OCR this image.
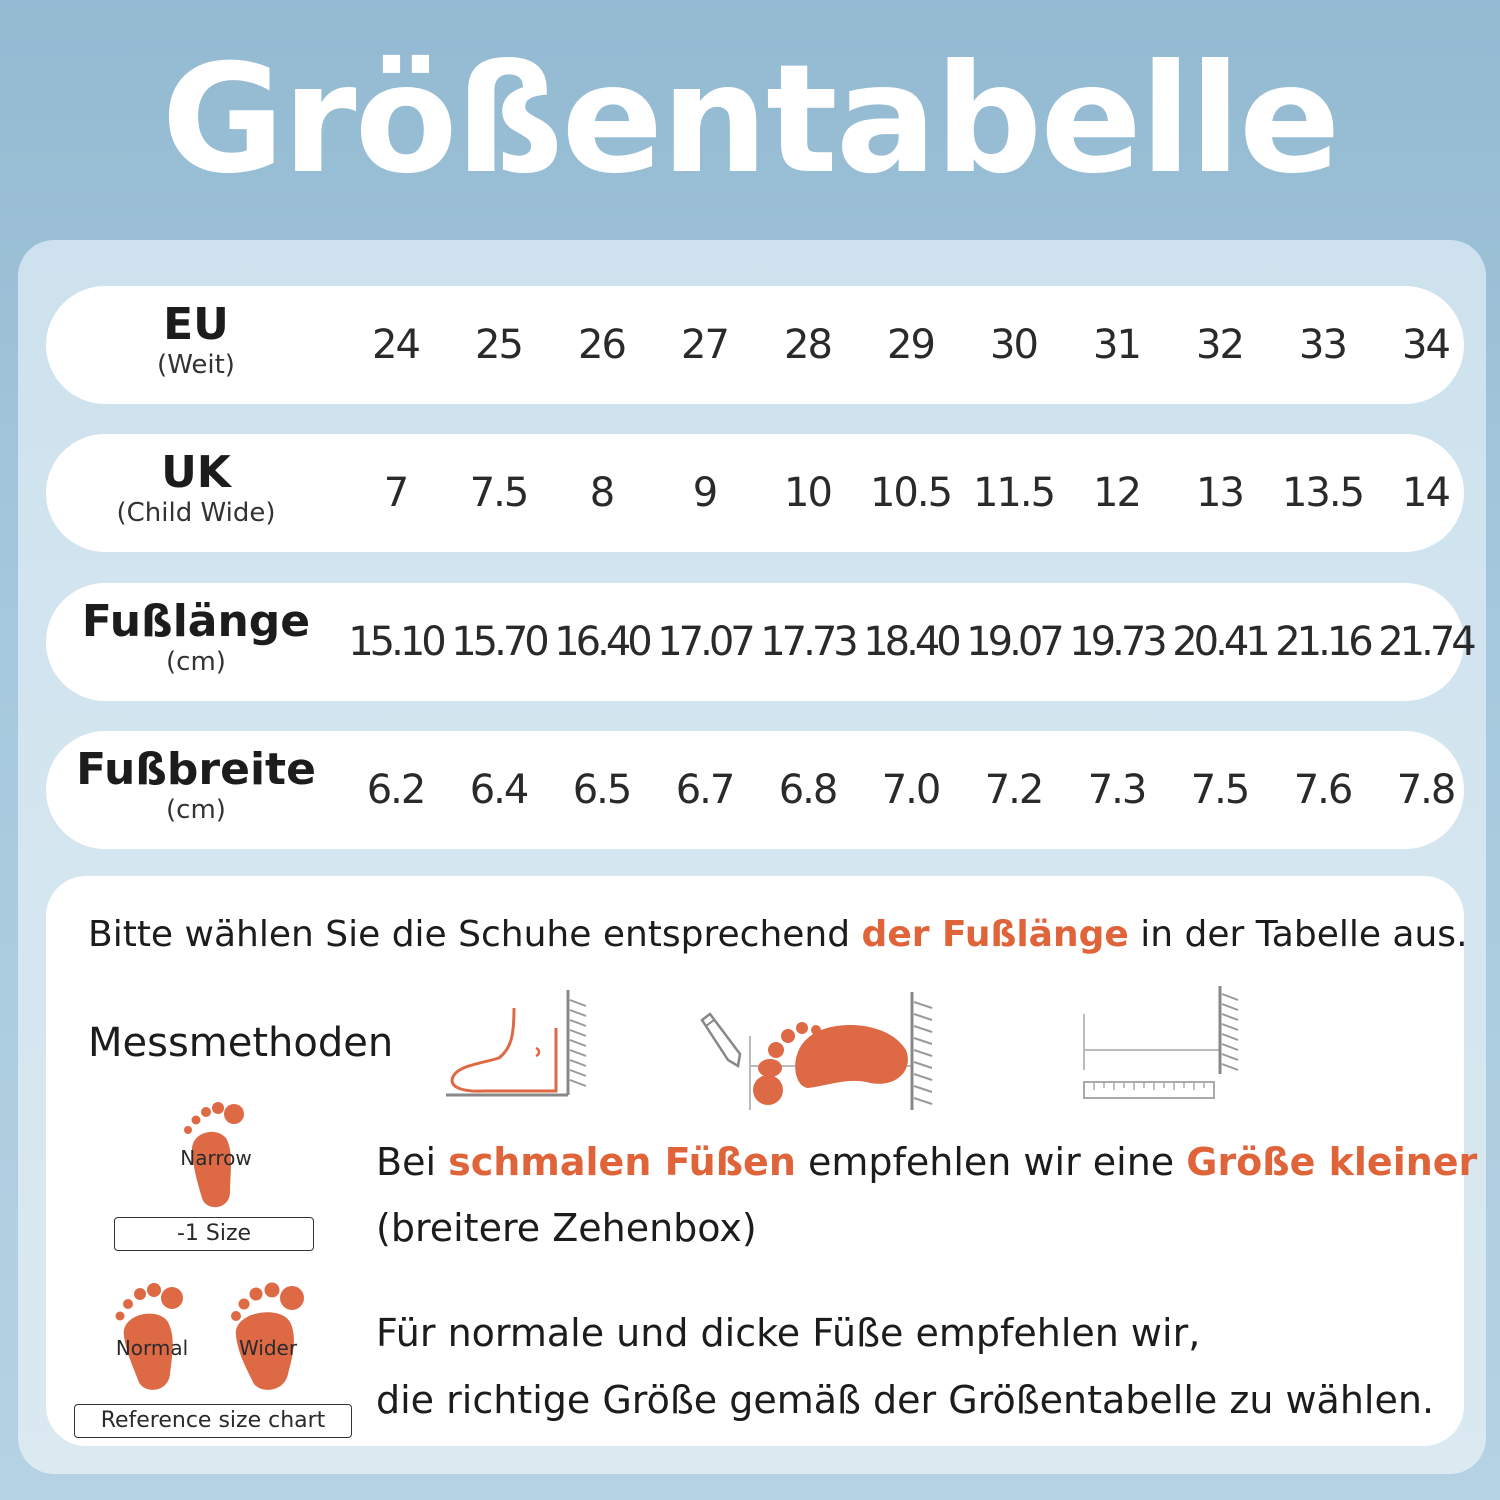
Größentabelle
EU
(Weit)	24	25	26	27	28	29	30	31	32	33	34
UK
(Child Wide)	7	7.5	8	9	10 10.5 11.5 12	13 13.5 14
Fußlänge
(cm)	15.10 15.70 16.40 17.07 17.73 18.40 19.07 19.73 20.41 21.16 21.74
Fußbreite
(cm)	6.2	6.4	6.5	6.7	6.8	7.0	7.2	7.3	7.5	7.6	7.8
Bitte wählen Sie die Schuhe entsprechend der Fußlänge in der Tabelle aus.
Messmethoden
Narrow
-1 Size
Bei schmalen Füßen empfehlen wir eine Größe kleiner
(breitere Zehenbox)
Normal	Wider
Reference size chart
Für normale und dicke Füße empfehlen wir,
die richtige Größe gemäß der Größentabelle zu wählen.
